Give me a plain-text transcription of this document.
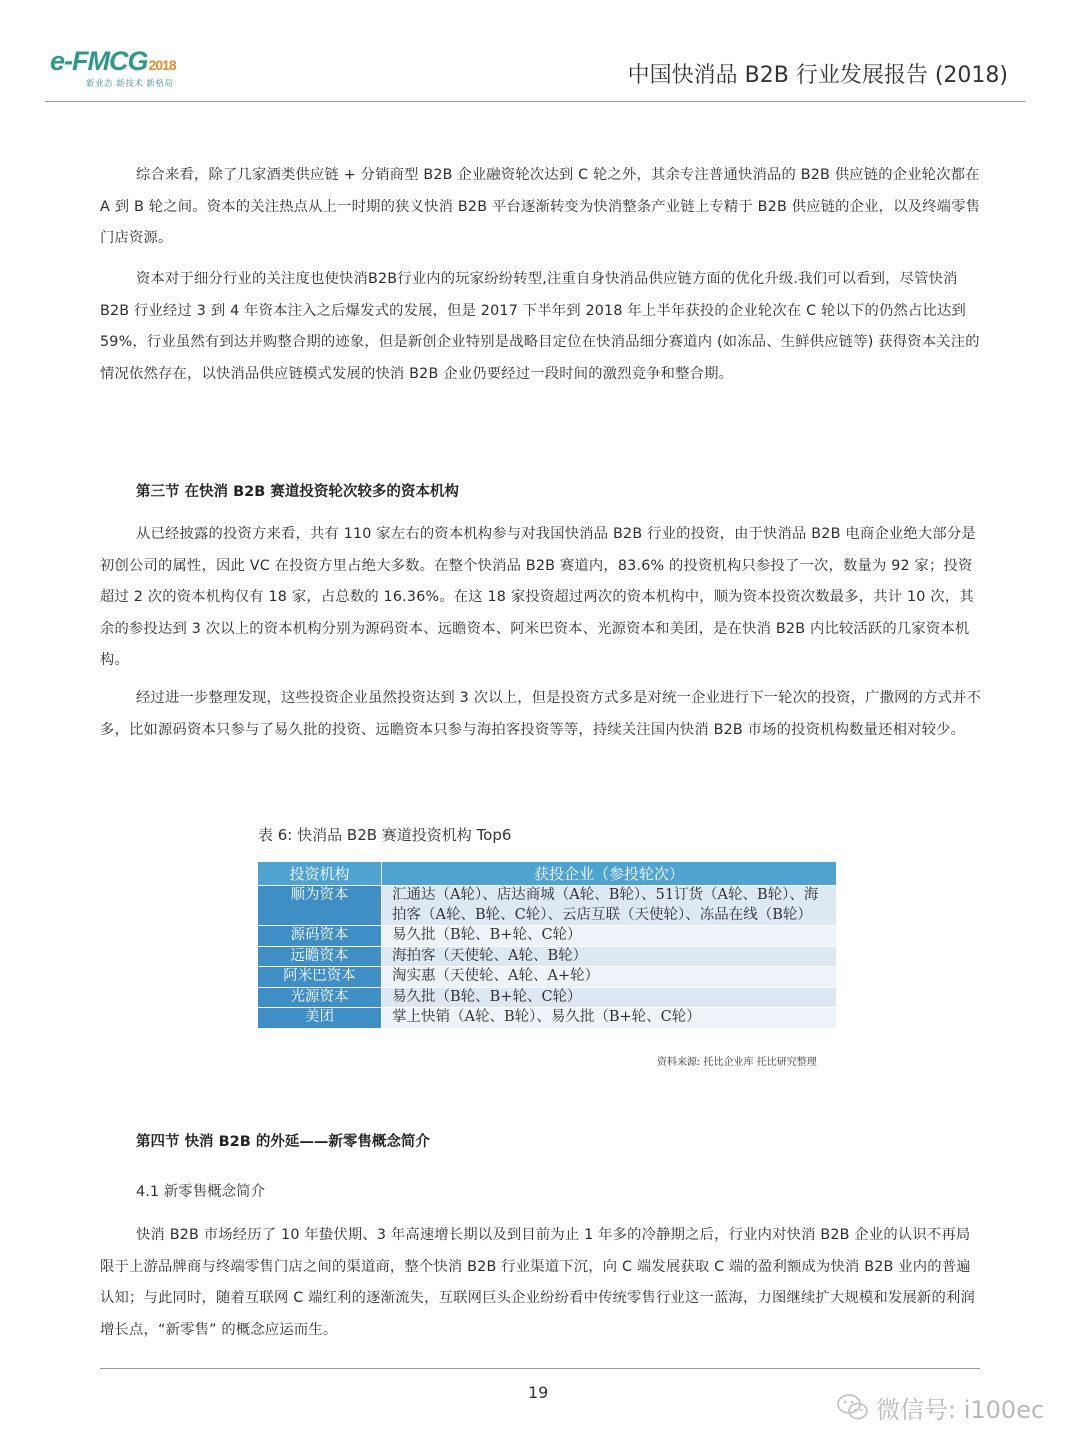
e-FMCG2018
新业态 新技术 新格局	中国快消品 B2B 行业发展报告 (2018)

综合来看，除了几家酒类供应链 + 分销商型 B2B 企业融资轮次达到 C 轮之外，其余专注普通快消品的 B2B 供应链的企业轮次都在 A 到 B 轮之间。资本的关注热点从上一时期的狭义快消 B2B 平台逐渐转变为快消整条产业链上专精于 B2B 供应链的企业，以及终端零售门店资源。

资本对于细分行业的关注度也使快消B2B行业内的玩家纷纷转型,注重自身快消品供应链方面的优化升级.我们可以看到，尽管快消 B2B 行业经过 3 到 4 年资本注入之后爆发式的发展，但是 2017 下半年到 2018 年上半年获投的企业轮次在 C 轮以下的仍然占比达到 59%，行业虽然有到达并购整合期的迹象，但是新创企业特别是战略目定位在快消品细分赛道内 (如冻品、生鲜供应链等) 获得资本关注的情况依然存在，以快消品供应链模式发展的快消 B2B 企业仍要经过一段时间的激烈竞争和整合期。

第三节 在快消 B2B 赛道投资轮次较多的资本机构

从已经披露的投资方来看，共有 110 家左右的资本机构参与对我国快消品 B2B 行业的投资，由于快消品 B2B 电商企业绝大部分是初创公司的属性，因此 VC 在投资方里占绝大多数。在整个快消品 B2B 赛道内，83.6% 的投资机构只参投了一次，数量为 92 家；投资超过 2 次的资本机构仅有 18 家，占总数的 16.36%。在这 18 家投资超过两次的资本机构中，顺为资本投资次数最多，共计 10 次，其余的参投达到 3 次以上的资本机构分别为源码资本、远瞻资本、阿米巴资本、光源资本和美团，是在快消 B2B 内比较活跃的几家资本机构。

经过进一步整理发现，这些投资企业虽然投资达到 3 次以上，但是投资方式多是对统一企业进行下一轮次的投资，广撒网的方式并不多，比如源码资本只参与了易久批的投资、远瞻资本只参与海拍客投资等等，持续关注国内快消 B2B 市场的投资机构数量还相对较少。

表 6: 快消品 B2B 赛道投资机构 Top6
投资机构	获投企业（参投轮次）
顺为资本	汇通达（A轮）、店达商城（A轮、B轮）、51订货（A轮、B轮）、海拍客（A轮、B轮、C轮）、云店互联（天使轮）、冻品在线（B轮）
源码资本	易久批（B轮、B+轮、C轮）
远瞻资本	海拍客（天使轮、A轮、B轮）
阿米巴资本	淘实惠（天使轮、A轮、A+轮）
光源资本	易久批（B轮、B+轮、C轮）
美团	掌上快销（A轮、B轮）、易久批（B+轮、C轮）
资料来源: 托比企业库 托比研究整理
第四节 快消 B2B 的外延——新零售概念简介
4.1 新零售概念简介

快消 B2B 市场经历了 10 年蛰伏期、3 年高速增长期以及到目前为止 1 年多的冷静期之后，行业内对快消 B2B 企业的认识不再局限于上游品牌商与终端零售门店之间的渠道商，整个快消 B2B 行业渠道下沉，向 C 端发展获取 C 端的盈利额成为快消 B2B 业内的普遍认知；与此同时，随着互联网 C 端红利的逐渐流失，互联网巨头企业纷纷看中传统零售行业这一蓝海，力图继续扩大规模和发展新的利润增长点，“新零售” 的概念应运而生。

19
微信号: i100ec
